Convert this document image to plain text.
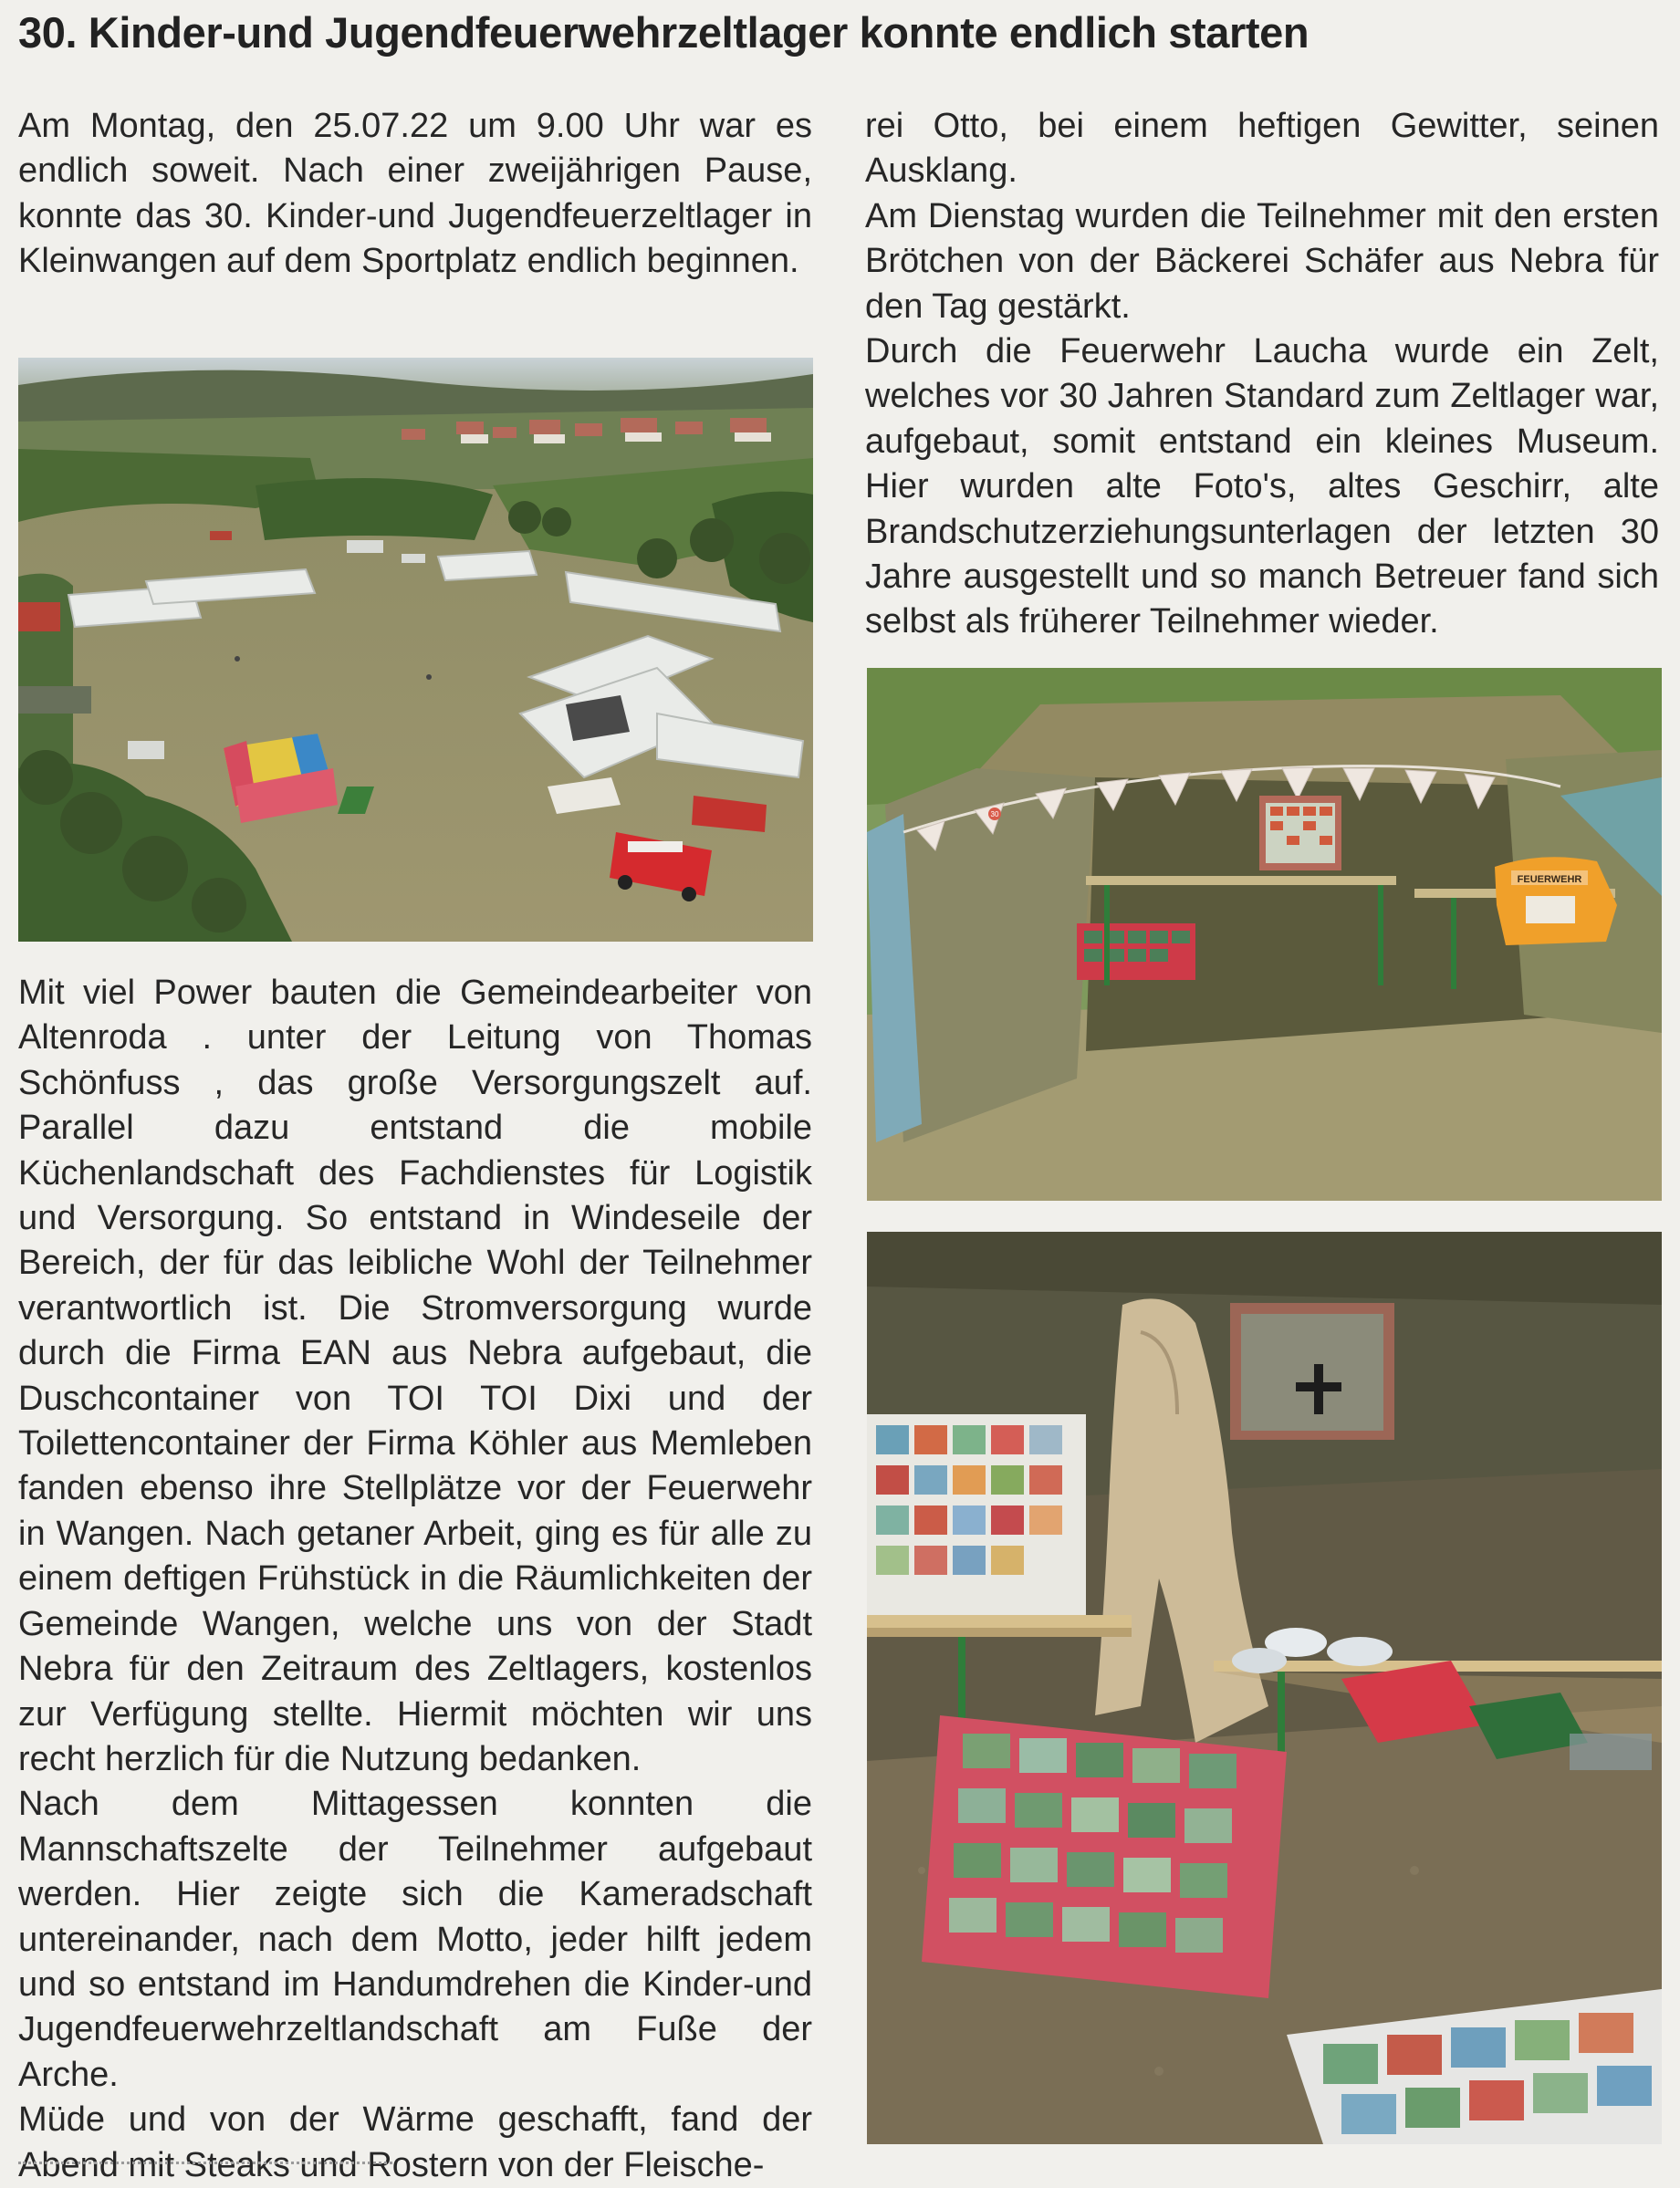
30. Kinder-und Jugendfeuerwehrzeltlager konnte endlich starten

Am Montag, den 25.07.22 um 9.00 Uhr war es endlich soweit. Nach einer zweijährigen Pause, konnte das 30. Kinder-und Jugendfeuerzeltlager in Kleinwangen auf dem Sportplatz endlich beginnen.

Mit viel Power bauten die Gemeindearbeiter von Altenroda . unter der Leitung von Thomas Schönfuss , das große Versorgungszelt auf. Parallel dazu entstand die mobile Küchenlandschaft des Fachdienstes für Logistik und Versorgung. So entstand in Windeseile der Bereich, der für das leibliche Wohl der Teilnehmer verantwortlich ist. Die Stromversorgung wurde durch die Firma EAN aus Nebra aufgebaut, die Duschcontainer von TOI TOI Dixi und der Toilettencontainer der Firma Köhler aus Memleben fanden ebenso ihre Stellplätze vor der Feuerwehr in Wangen. Nach getaner Arbeit, ging es für alle zu einem deftigen Frühstück in die Räumlichkeiten der Gemeinde Wangen, welche uns von der Stadt Nebra für den Zeitraum des Zeltlagers, kostenlos zur Verfügung stellte. Hiermit möchten wir uns recht herzlich für die Nutzung bedanken.

Nach dem Mittagessen konnten die Mannschaftszelte der Teilnehmer aufgebaut werden. Hier zeigte sich die Kameradschaft untereinander, nach dem Motto, jeder hilft jedem und so entstand im Handumdrehen die Kinder-und Jugendfeuerwehrzeltlandschaft am Fuße der Arche.

Müde und von der Wärme geschafft, fand der Abend mit Steaks und Rostern von der Fleische-

rei Otto, bei einem heftigen Gewitter, seinen Ausklang.

Am Dienstag wurden die Teilnehmer mit den ersten Brötchen von der Bäckerei Schäfer aus Nebra für den Tag gestärkt.

Durch die Feuerwehr Laucha wurde ein Zelt, welches vor 30 Jahren Standard zum Zeltlager war, aufgebaut, somit entstand ein kleines Museum. Hier wurden alte Foto's, altes Geschirr, alte Brandschutzerziehungsunterlagen der letzten 30 Jahre ausgestellt und so manch Betreuer fand sich selbst als früherer Teilnehmer wieder.

30
FEUERWEHR
